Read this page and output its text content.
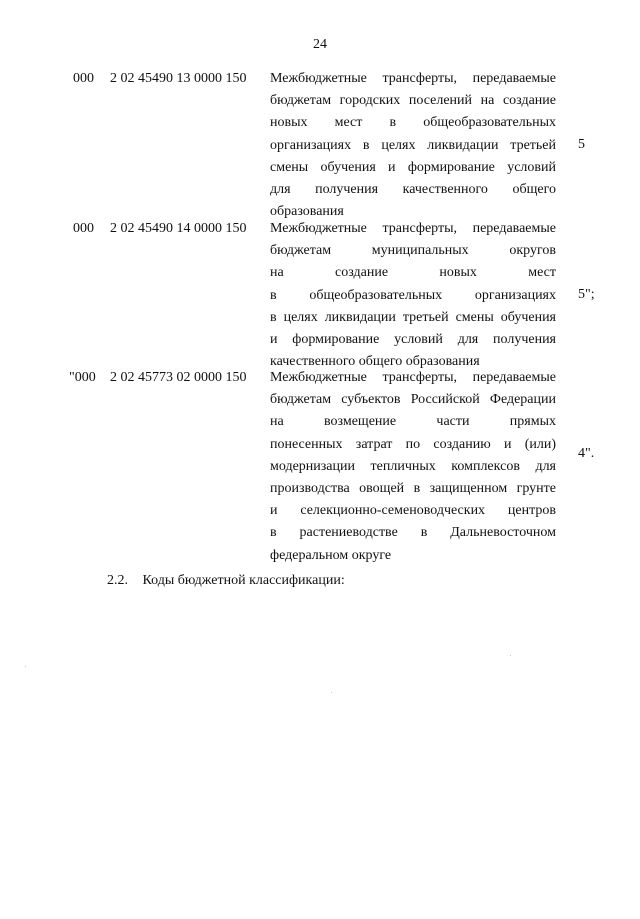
24
000 2 02 45490 13 0000 150 Межбюджетные трансферты, передаваемые
бюджетам городских поселений на создание
новых мест в общеобразовательных
организациях в целях ликвидации третьей
смены обучения и формирование условий
для получения качественного общего
образования
5
000 2 02 45490 14 0000 150 Межбюджетные трансферты, передаваемые
бюджетам муниципальных округов
на создание новых мест
в общеобразовательных организациях
в целях ликвидации третьей смены обучения
и формирование условий для получения
качественного общего образования
5";
"000 2 02 45773 02 0000 150 Межбюджетные трансферты, передаваемые
бюджетам субъектов Российской Федерации
на возмещение части прямых
понесенных затрат по созданию и (или)
модернизации тепличных комплексов для
производства овощей в защищенном грунте
и селекционно-семеноводческих центров
в растениеводстве в Дальневосточном
федеральном округе
4".
2.2. Коды бюджетной классификации:
